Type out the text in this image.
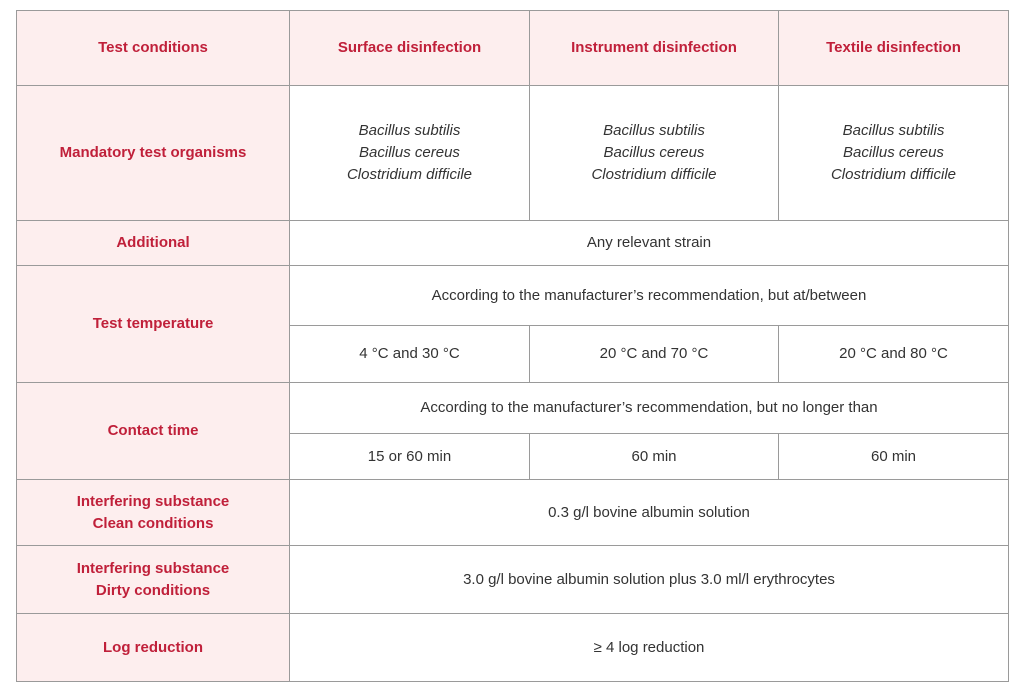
Test conditions	Surface disinfection	Instrument disinfection	Textile disinfection
Mandatory test organisms	Bacillus subtilis
Bacillus cereus
Clostridium difficile	Bacillus subtilis
Bacillus cereus
Clostridium difficile	Bacillus subtilis
Bacillus cereus
Clostridium difficile

Additional	Any relevant strain		
Test temperature	According to the manufacturer’s recommendation, but at/between		
	4 °C and 30 °C	20 °C and 70 °C	20 °C and 80 °C
Contact time	According to the manufacturer’s recommendation, but no longer than		
	15 or 60 min	60 min	60 min

Interfering substance
Clean conditions	0.3 g/l bovine albumin solution		

Interfering substance
Dirty conditions	3.0 g/l bovine albumin solution plus 3.0 ml/l erythrocytes		
Log reduction	≥ 4 log reduction		
